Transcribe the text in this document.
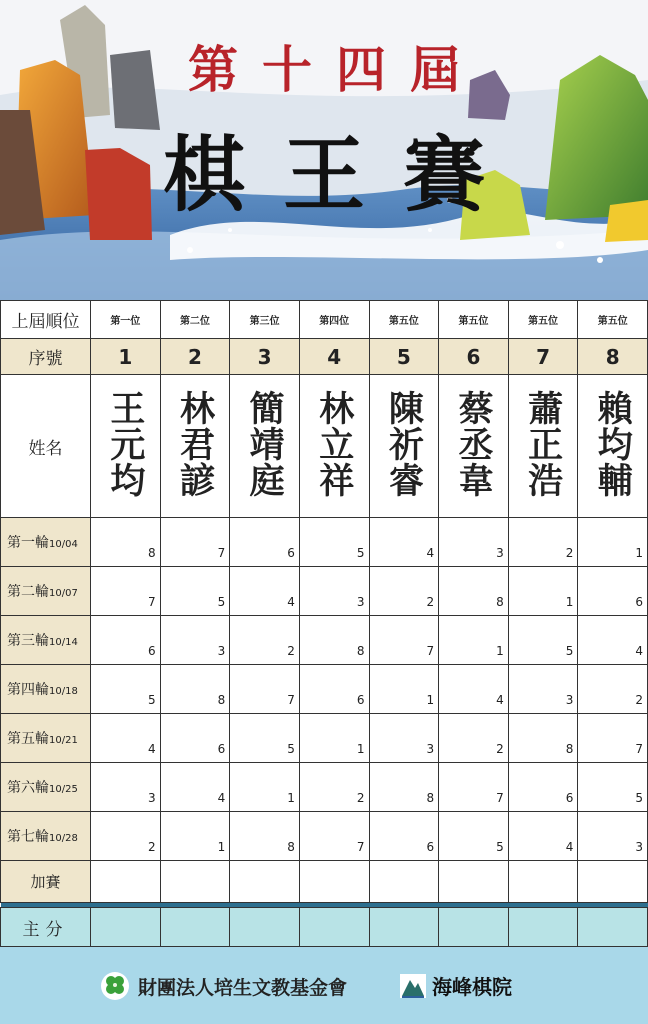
第十四屆
棋王賽
上屆順位	第一位	第二位	第三位	第四位	第五位	第五位	第五位	第五位
序號	1	2	3	4	5	6	7	8
姓名	王元均	林君諺	簡靖庭	林立祥	陳祈睿	蔡丞韋	蕭正浩	賴均輔
第一輪10/04	8	7	6	5	4	3	2	1
第二輪10/07	7	5	4	3	2	8	1	6
第三輪10/14	6	3	2	8	7	1	5	4
第四輪10/18	5	8	7	6	1	4	3	2
第五輪10/21	4	6	5	1	3	2	8	7
第六輪10/25	3	4	1	2	8	7	6	5
第七輪10/28	2	1	8	7	6	5	4	3
加賽								

主分								

財團法人培生文教基金會	海峰棋院
